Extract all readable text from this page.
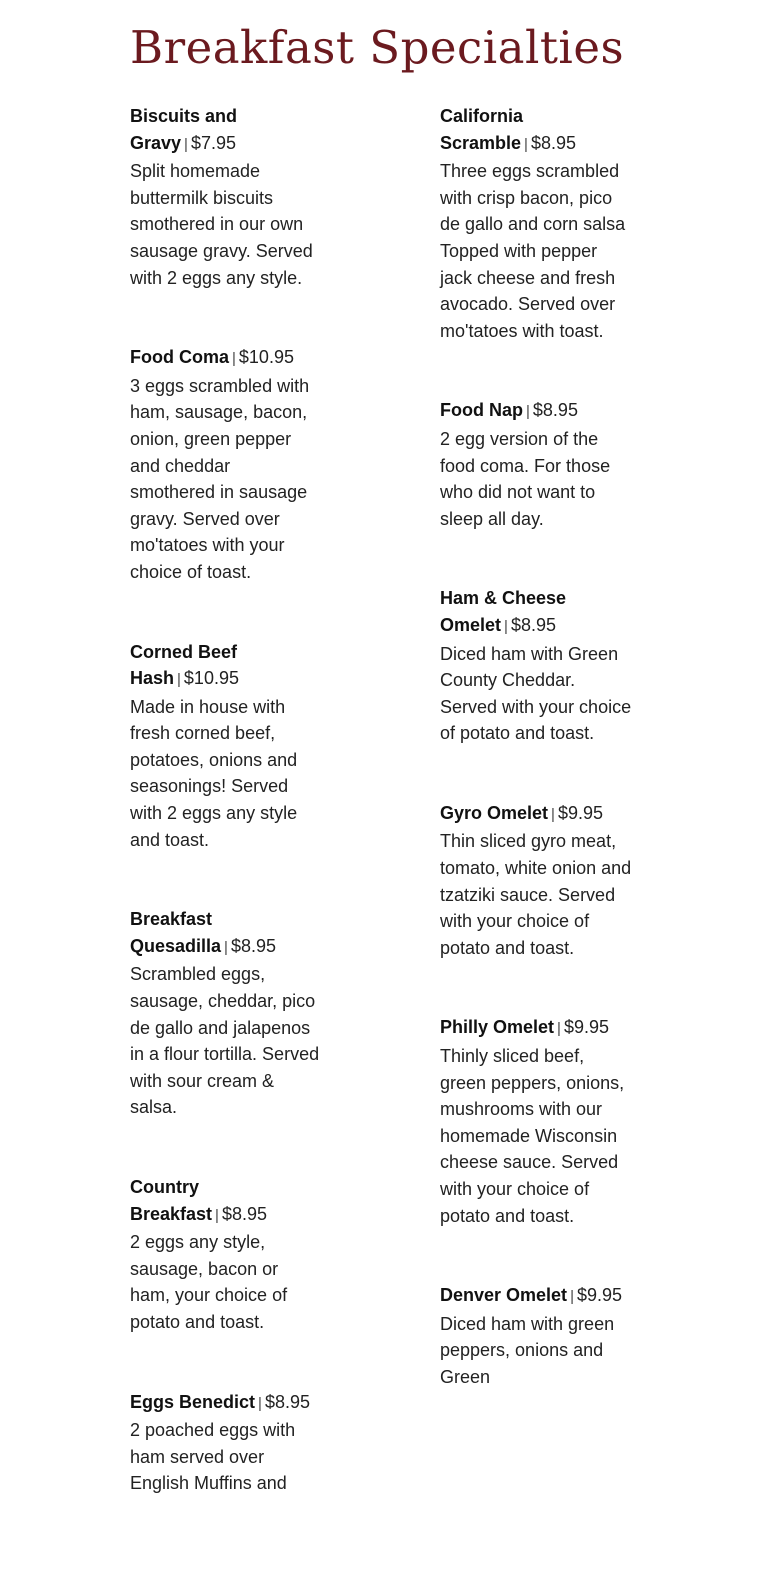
Breakfast Specialties
Biscuits and Gravy | $7.95
Split homemade buttermilk biscuits smothered in our own sausage gravy. Served with 2 eggs any style.
Food Coma | $10.95
3 eggs scrambled with ham, sausage, bacon, onion, green pepper and cheddar smothered in sausage gravy. Served over mo'tatoes with your choice of toast.
Corned Beef Hash | $10.95
Made in house with fresh corned beef, potatoes, onions and seasonings! Served with 2 eggs any style and toast.
Breakfast Quesadilla | $8.95
Scrambled eggs, sausage, cheddar, pico de gallo and jalapenos in a flour tortilla. Served with sour cream & salsa.
Country Breakfast | $8.95
2 eggs any style, sausage, bacon or ham, your choice of potato and toast.
Eggs Benedict | $8.95
2 poached eggs with ham served over English Muffins and
California Scramble | $8.95
Three eggs scrambled with crisp bacon, pico de gallo and corn salsa Topped with pepper jack cheese and fresh avocado. Served over mo'tatoes with toast.
Food Nap | $8.95
2 egg version of the food coma. For those who did not want to sleep all day.
Ham & Cheese Omelet | $8.95
Diced ham with Green County Cheddar. Served with your choice of potato and toast.
Gyro Omelet | $9.95
Thin sliced gyro meat, tomato, white onion and tzatziki sauce. Served with your choice of potato and toast.
Philly Omelet | $9.95
Thinly sliced beef, green peppers, onions, mushrooms with our homemade Wisconsin cheese sauce. Served with your choice of potato and toast.
Denver Omelet | $9.95
Diced ham with green peppers, onions and Green
